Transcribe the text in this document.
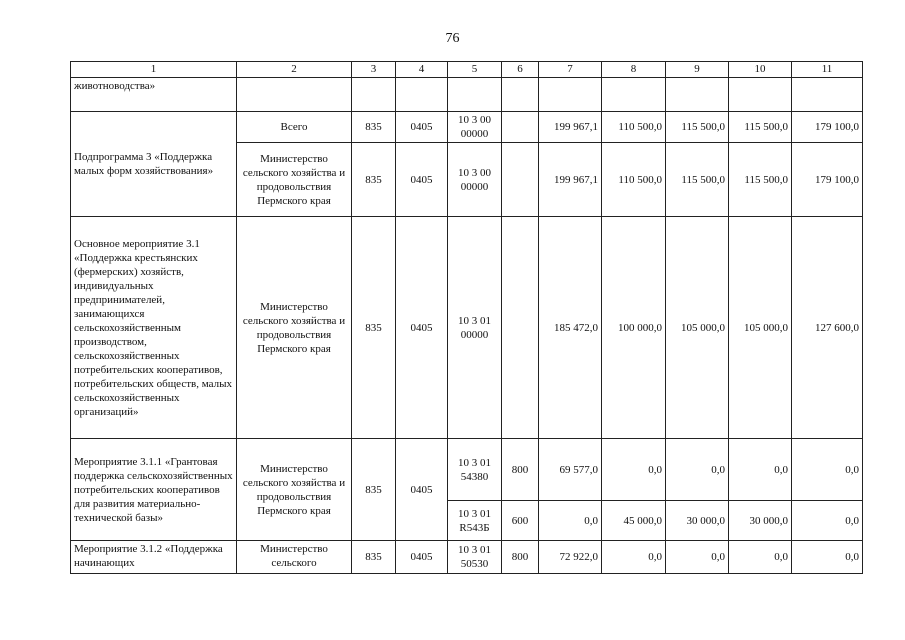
76
1	2	3	4	5	6	7	8	9	10	11
животноводства»										
Подпрограмма 3 «Поддержка малых форм хозяйствования»	Всего	835	0405	10 3 00 00000		199 967,1	110 500,0	115 500,0	115 500,0	179 100,0
	Министерство сельского хозяйства и продовольствия Пермского края	835	0405	10 3 00 00000		199 967,1	110 500,0	115 500,0	115 500,0	179 100,0
Основное мероприятие 3.1 «Поддержка крестьянских (фермерских) хозяйств, индивидуальных предпринимателей, занимающихся сельскохозяйственным производством, сельскохозяйственных потребительских кооперативов, потребительских обществ, малых сельскохозяйственных организаций»	Министерство сельского хозяйства и продовольствия Пермского края	835	0405	10 3 01 00000		185 472,0	100 000,0	105 000,0	105 000,0	127 600,0
Мероприятие 3.1.1 «Грантовая поддержка сельскохозяйственных потребительских кооперативов для развития материально-технической базы»	Министерство сельского хозяйства и продовольствия Пермского края	835	0405	10 3 01 54380	800	69 577,0	0,0	0,0	0,0	0,0
				10 3 01 R543Б	600	0,0	45 000,0	30 000,0	30 000,0	0,0
Мероприятие 3.1.2 «Поддержка начинающих	Министерство сельского	835	0405	10 3 01 50530	800	72 922,0	0,0	0,0	0,0	0,0
